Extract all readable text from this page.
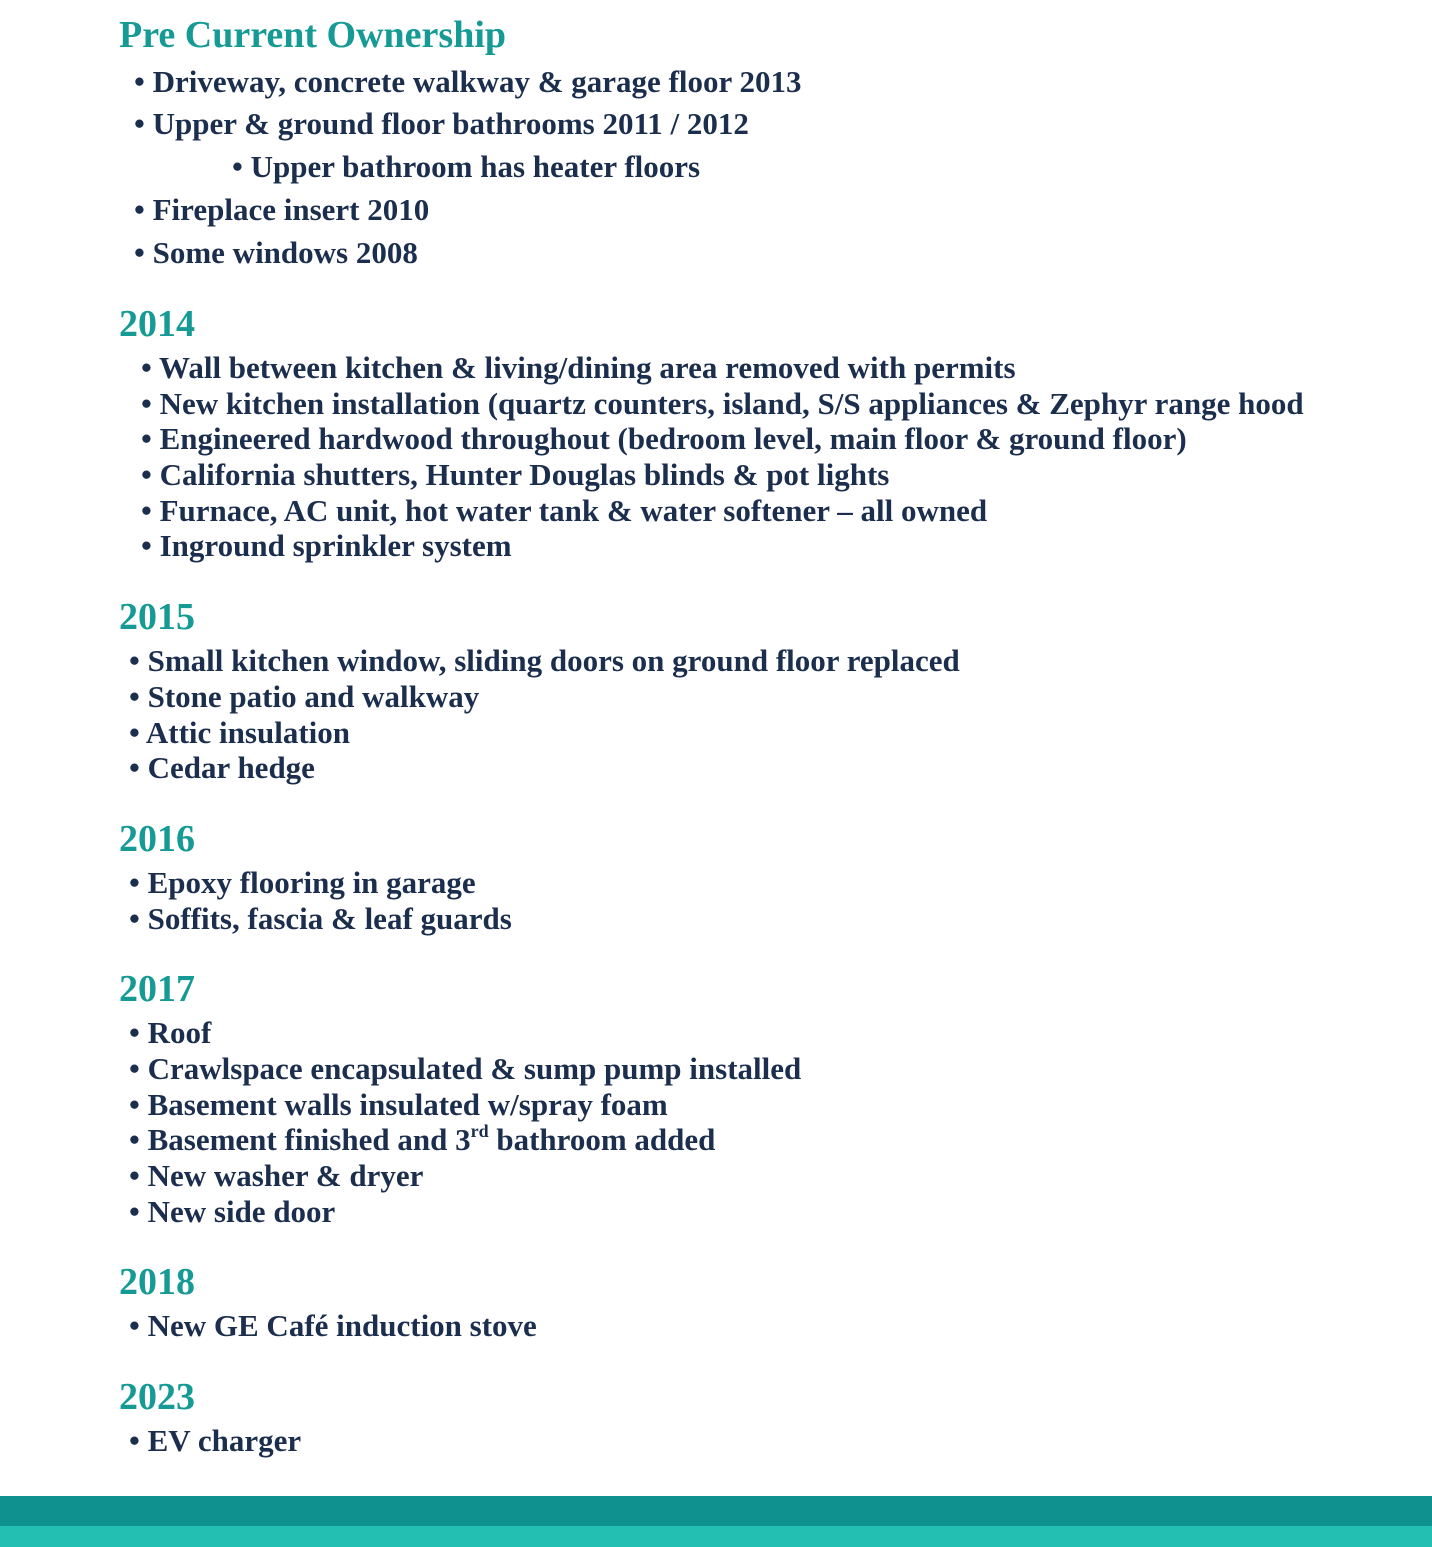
Pre Current Ownership

• Driveway, concrete walkway & garage floor 2013

• Upper & ground floor bathrooms 2011 / 2012

• Upper bathroom has heater floors

• Fireplace insert 2010

• Some windows 2008

2014

• Wall between kitchen & living/dining area removed with permits

• New kitchen installation (quartz counters, island, S/S appliances & Zephyr range hood

• Engineered hardwood throughout (bedroom level, main floor & ground floor)

• California shutters, Hunter Douglas blinds & pot lights

• Furnace, AC unit, hot water tank & water softener – all owned

• Inground sprinkler system

2015

• Small kitchen window, sliding doors on ground floor replaced

• Stone patio and walkway

• Attic insulation

• Cedar hedge

2016

• Epoxy flooring in garage

• Soffits, fascia & leaf guards

2017

• Roof

• Crawlspace encapsulated & sump pump installed

• Basement walls insulated w/spray foam

• Basement finished and 3rd bathroom added

• New washer & dryer

• New side door

2018

• New GE Café induction stove

2023

• EV charger
